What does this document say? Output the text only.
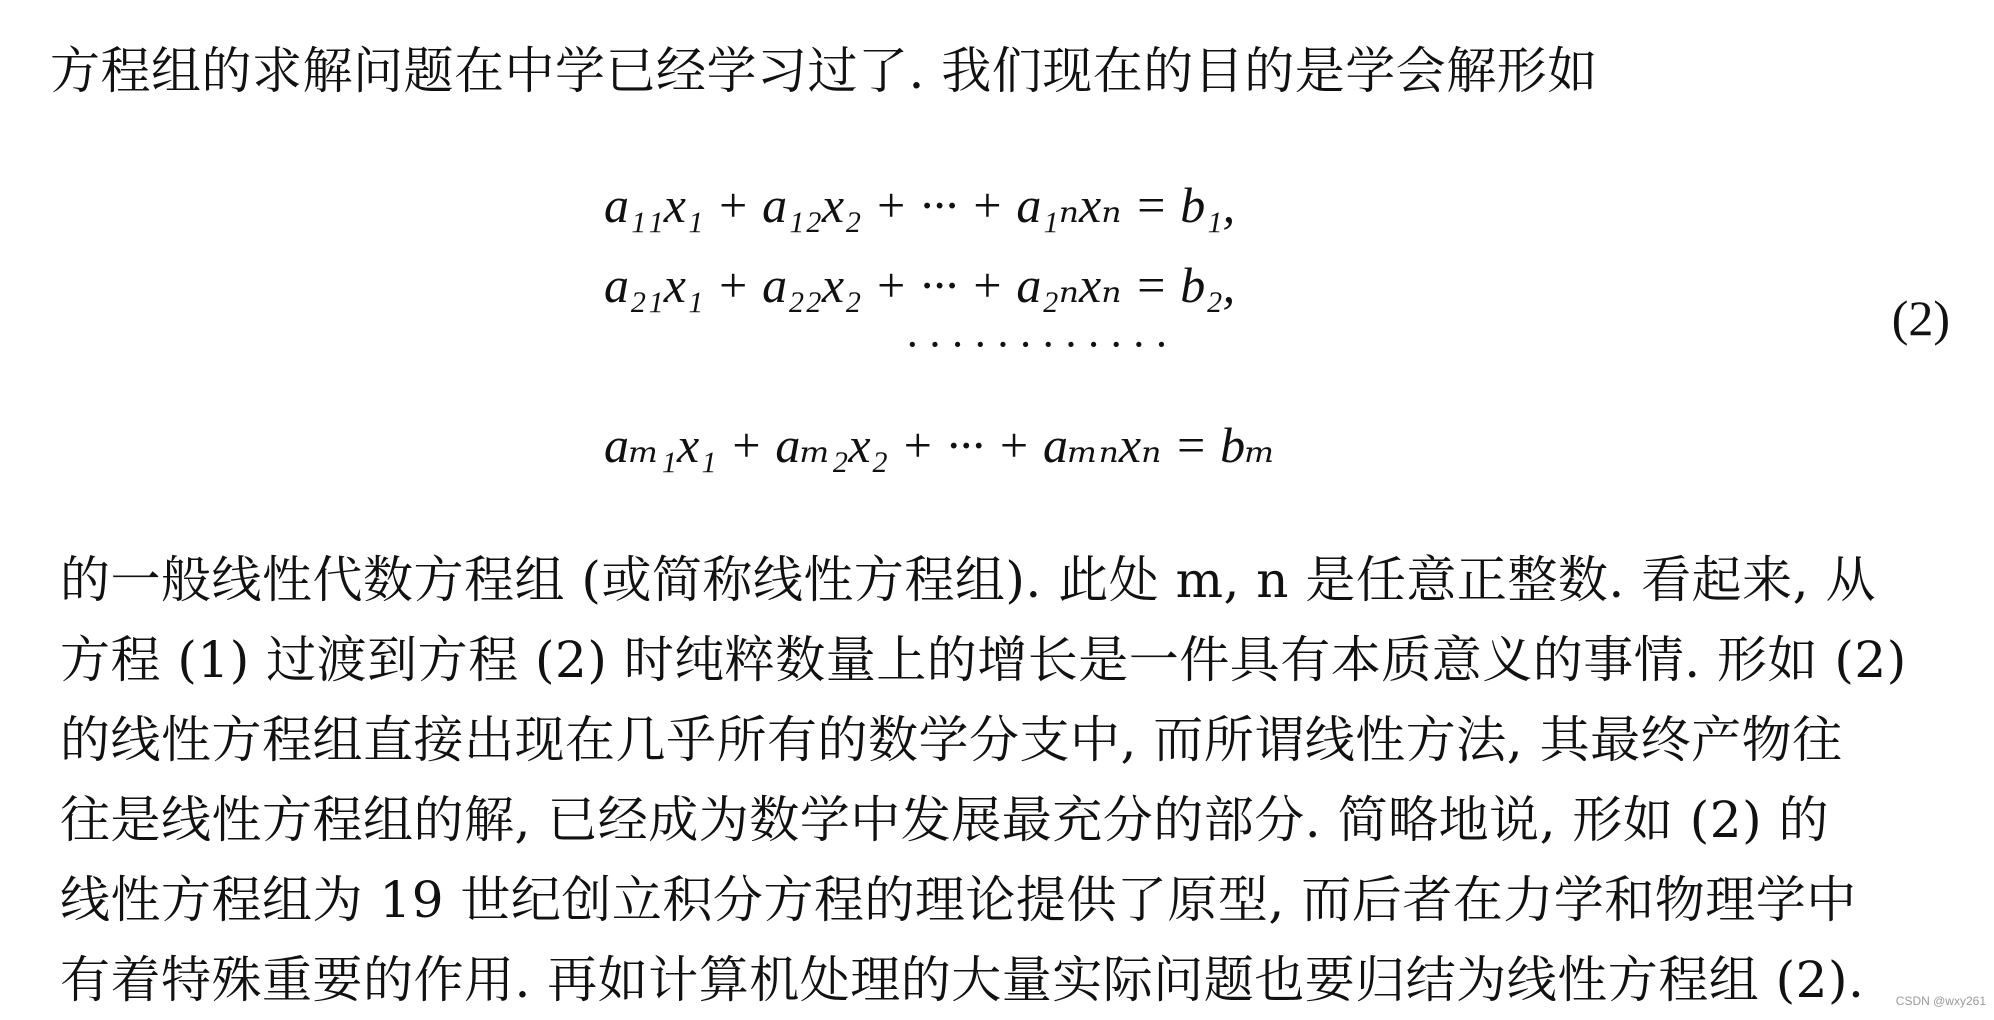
方程组的求解问题在中学已经学习过了. 我们现在的目的是学会解形如
a₁₁x₁ + a₁₂x₂ + ··· + a₁ₙxₙ = b₁,
a₂₁x₁ + a₂₂x₂ + ··· + a₂ₙxₙ = b₂,
············
aₘ₁x₁ + aₘ₂x₂ + ··· + aₘₙxₙ = bₘ
(2)
的一般线性代数方程组 (或简称线性方程组). 此处 m, n 是任意正整数. 看起来, 从
方程 (1) 过渡到方程 (2) 时纯粹数量上的增长是一件具有本质意义的事情. 形如 (2)
的线性方程组直接出现在几乎所有的数学分支中, 而所谓线性方法, 其最终产物往
往是线性方程组的解, 已经成为数学中发展最充分的部分. 简略地说, 形如 (2) 的
线性方程组为 19 世纪创立积分方程的理论提供了原型, 而后者在力学和物理学中
有着特殊重要的作用. 再如计算机处理的大量实际问题也要归结为线性方程组 (2).	CSDN @wxy261
